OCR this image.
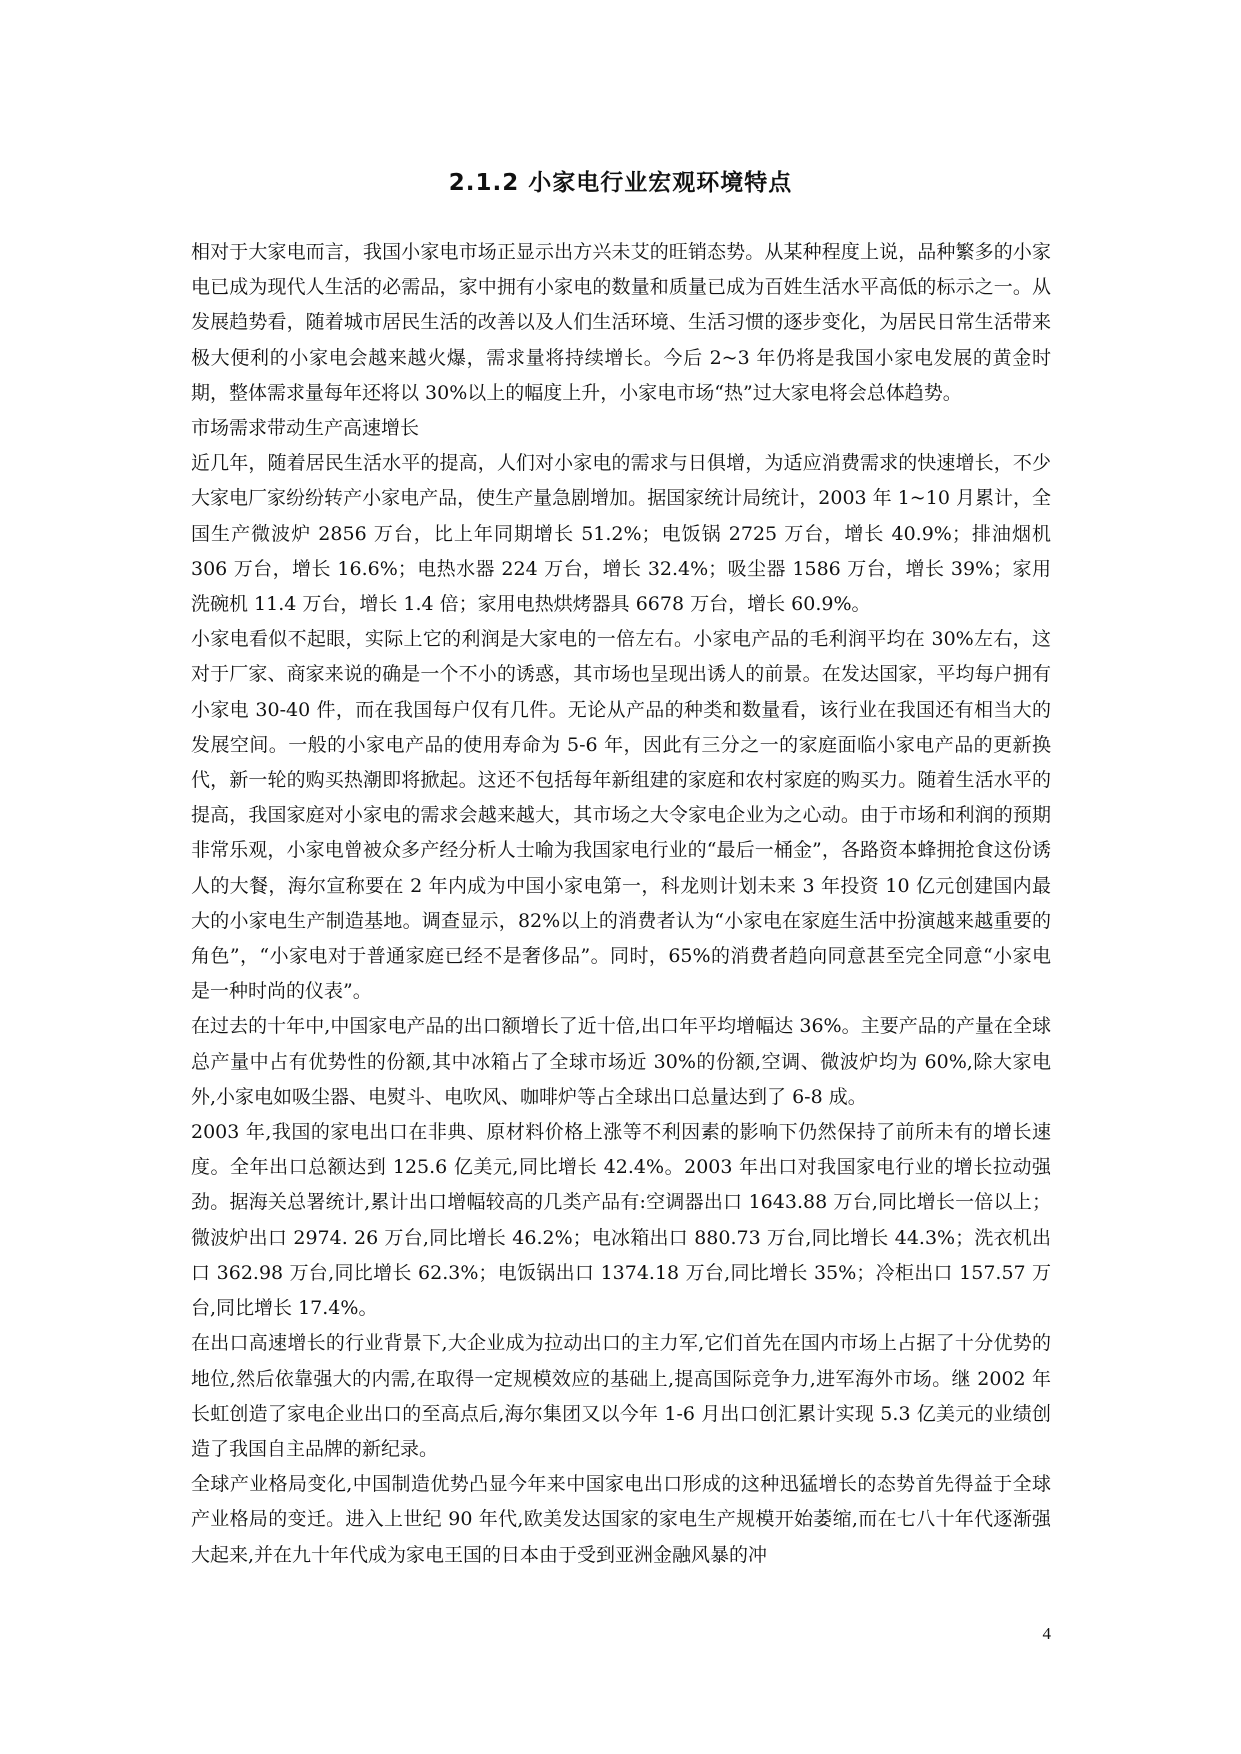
2.1.2 小家电行业宏观环境特点

相对于大家电而言，我国小家电市场正显示出方兴未艾的旺销态势。从某种程度上说，品种繁多的小家电已成为现代人生活的必需品，家中拥有小家电的数量和质量已成为百姓生活水平高低的标示之一。从发展趋势看，随着城市居民生活的改善以及人们生活环境、生活习惯的逐步变化，为居民日常生活带来极大便利的小家电会越来越火爆，需求量将持续增长。今后 2~3 年仍将是我国小家电发展的黄金时期，整体需求量每年还将以 30%以上的幅度上升，小家电市场“热”过大家电将会总体趋势。

市场需求带动生产高速增长

近几年，随着居民生活水平的提高，人们对小家电的需求与日俱增，为适应消费需求的快速增长，不少大家电厂家纷纷转产小家电产品，使生产量急剧增加。据国家统计局统计，2003 年 1~10 月累计，全国生产微波炉 2856 万台，比上年同期增长 51.2%；电饭锅 2725 万台，增长 40.9%；排油烟机 306 万台，增长 16.6%；电热水器 224 万台，增长 32.4%；吸尘器 1586 万台，增长 39%；家用洗碗机 11.4 万台，增长 1.4 倍；家用电热烘烤器具 6678 万台，增长 60.9%。

小家电看似不起眼，实际上它的利润是大家电的一倍左右。小家电产品的毛利润平均在 30%左右，这对于厂家、商家来说的确是一个不小的诱惑，其市场也呈现出诱人的前景。在发达国家，平均每户拥有小家电 30-40 件，而在我国每户仅有几件。无论从产品的种类和数量看，该行业在我国还有相当大的发展空间。一般的小家电产品的使用寿命为 5-6 年，因此有三分之一的家庭面临小家电产品的更新换代，新一轮的购买热潮即将掀起。这还不包括每年新组建的家庭和农村家庭的购买力。随着生活水平的提高，我国家庭对小家电的需求会越来越大，其市场之大令家电企业为之心动。由于市场和利润的预期非常乐观，小家电曾被众多产经分析人士喻为我国家电行业的“最后一桶金”，各路资本蜂拥抢食这份诱人的大餐，海尔宣称要在 2 年内成为中国小家电第一，科龙则计划未来 3 年投资 10 亿元创建国内最大的小家电生产制造基地。调查显示，82%以上的消费者认为“小家电在家庭生活中扮演越来越重要的角色”，“小家电对于普通家庭已经不是奢侈品”。同时，65%的消费者趋向同意甚至完全同意“小家电是一种时尚的仪表”。

在过去的十年中,中国家电产品的出口额增长了近十倍,出口年平均增幅达 36%。主要产品的产量在全球总产量中占有优势性的份额,其中冰箱占了全球市场近 30%的份额,空调、微波炉均为 60%,除大家电外,小家电如吸尘器、电熨斗、电吹风、咖啡炉等占全球出口总量达到了 6-8 成。

2003 年,我国的家电出口在非典、原材料价格上涨等不利因素的影响下仍然保持了前所未有的增长速度。全年出口总额达到 125.6 亿美元,同比增长 42.4%。2003 年出口对我国家电行业的增长拉动强劲。据海关总署统计,累计出口增幅较高的几类产品有:空调器出口 1643.88 万台,同比增长一倍以上；微波炉出口 2974. 26 万台,同比增长 46.2%；电冰箱出口 880.73 万台,同比增长 44.3%；洗衣机出口 362.98 万台,同比增长 62.3%；电饭锅出口 1374.18 万台,同比增长 35%；冷柜出口 157.57 万台,同比增长 17.4%。

在出口高速增长的行业背景下,大企业成为拉动出口的主力军,它们首先在国内市场上占据了十分优势的地位,然后依靠强大的内需,在取得一定规模效应的基础上,提高国际竞争力,进军海外市场。继 2002 年长虹创造了家电企业出口的至高点后,海尔集团又以今年 1-6 月出口创汇累计实现 5.3 亿美元的业绩创造了我国自主品牌的新纪录。

全球产业格局变化,中国制造优势凸显今年来中国家电出口形成的这种迅猛增长的态势首先得益于全球产业格局的变迁。进入上世纪 90 年代,欧美发达国家的家电生产规模开始萎缩,而在七八十年代逐渐强大起来,并在九十年代成为家电王国的日本由于受到亚洲金融风暴的冲

4
